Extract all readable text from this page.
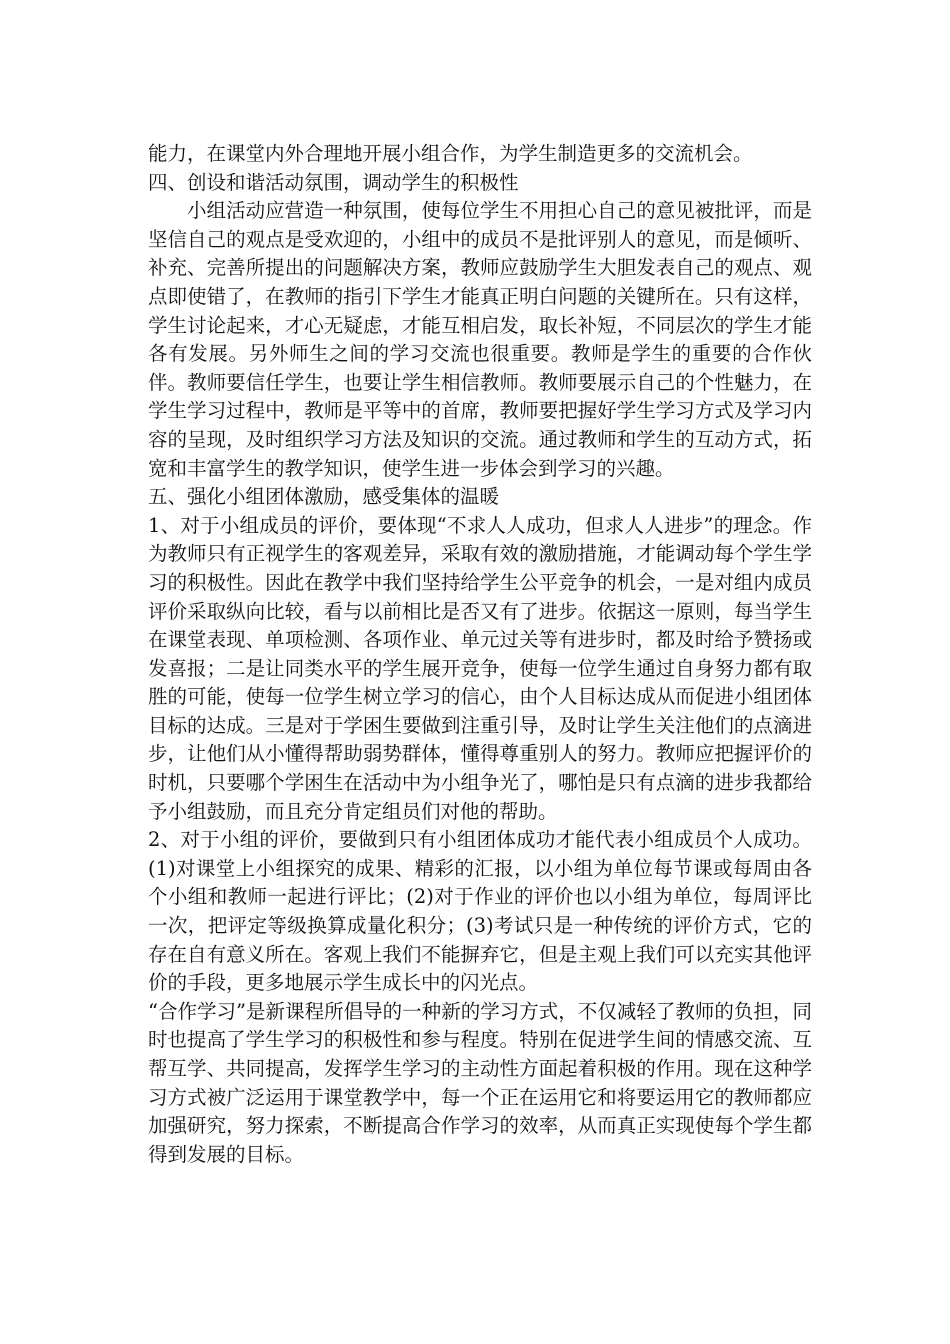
能力，在课堂内外合理地开展小组合作，为学生制造更多的交流机会。

四、创设和谐活动氛围，调动学生的积极性

小组活动应营造一种氛围，使每位学生不用担心自己的意见被批评，而是坚信自己的观点是受欢迎的，小组中的成员不是批评别人的意见，而是倾听、补充、完善所提出的问题解决方案，教师应鼓励学生大胆发表自己的观点、观点即使错了，在教师的指引下学生才能真正明白问题的关键所在。只有这样，学生讨论起来，才心无疑虑，才能互相启发，取长补短，不同层次的学生才能各有发展。另外师生之间的学习交流也很重要。教师是学生的重要的合作伙伴。教师要信任学生，也要让学生相信教师。教师要展示自己的个性魅力，在学生学习过程中，教师是平等中的首席，教师要把握好学生学习方式及学习内容的呈现，及时组织学习方法及知识的交流。通过教师和学生的互动方式，拓宽和丰富学生的教学知识，使学生进一步体会到学习的兴趣。

五、强化小组团体激励，感受集体的温暖

1、对于小组成员的评价，要体现“不求人人成功，但求人人进步”的理念。作为教师只有正视学生的客观差异，采取有效的激励措施，才能调动每个学生学习的积极性。因此在教学中我们坚持给学生公平竞争的机会，一是对组内成员评价采取纵向比较，看与以前相比是否又有了进步。依据这一原则，每当学生在课堂表现、单项检测、各项作业、单元过关等有进步时，都及时给予赞扬或发喜报；二是让同类水平的学生展开竞争，使每一位学生通过自身努力都有取胜的可能，使每一位学生树立学习的信心，由个人目标达成从而促进小组团体目标的达成。三是对于学困生要做到注重引导，及时让学生关注他们的点滴进步，让他们从小懂得帮助弱势群体，懂得尊重别人的努力。教师应把握评价的时机，只要哪个学困生在活动中为小组争光了，哪怕是只有点滴的进步我都给予小组鼓励，而且充分肯定组员们对他的帮助。

2、对于小组的评价，要做到只有小组团体成功才能代表小组成员个人成功。(1)对课堂上小组探究的成果、精彩的汇报，以小组为单位每节课或每周由各个小组和教师一起进行评比；(2)对于作业的评价也以小组为单位，每周评比一次，把评定等级换算成量化积分；(3)考试只是一种传统的评价方式，它的存在自有意义所在。客观上我们不能摒弃它，但是主观上我们可以充实其他评价的手段，更多地展示学生成长中的闪光点。

“合作学习”是新课程所倡导的一种新的学习方式，不仅减轻了教师的负担，同时也提高了学生学习的积极性和参与程度。特别在促进学生间的情感交流、互帮互学、共同提高，发挥学生学习的主动性方面起着积极的作用。现在这种学习方式被广泛运用于课堂教学中，每一个正在运用它和将要运用它的教师都应加强研究，努力探索，不断提高合作学习的效率，从而真正实现使每个学生都得到发展的目标。
